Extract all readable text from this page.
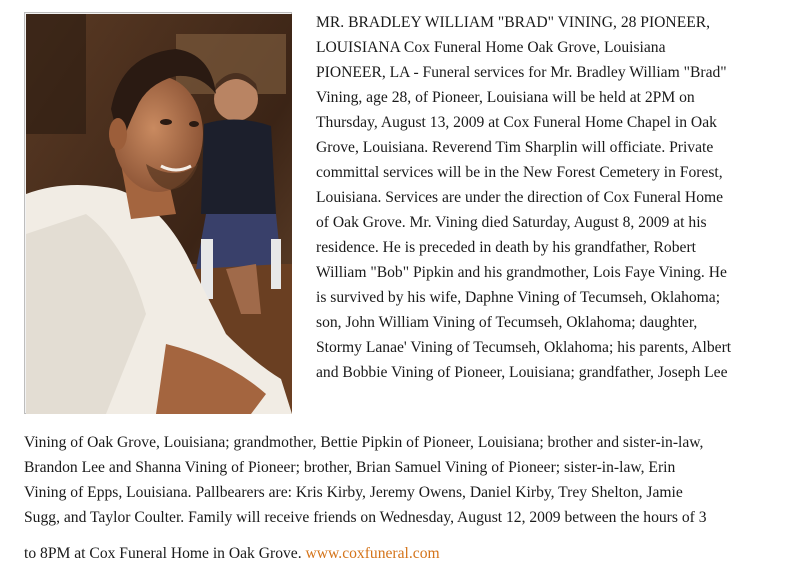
MR. BRADLEY WILLIAM "BRAD" VINING, 28 PIONEER,
LOUISIANA Cox Funeral Home Oak Grove, Louisiana
PIONEER, LA - Funeral services for Mr. Bradley William "Brad"
Vining, age 28, of Pioneer, Louisiana will be held at 2PM on
Thursday, August 13, 2009 at Cox Funeral Home Chapel in Oak
Grove, Louisiana. Reverend Tim Sharplin will officiate. Private
committal services will be in the New Forest Cemetery in Forest,
Louisiana. Services are under the direction of Cox Funeral Home
of Oak Grove. Mr. Vining died Saturday, August 8, 2009 at his
residence. He is preceded in death by his grandfather, Robert
William "Bob" Pipkin and his grandmother, Lois Faye Vining. He
is survived by his wife, Daphne Vining of Tecumseh, Oklahoma;
son, John William Vining of Tecumseh, Oklahoma; daughter,
Stormy Lanae' Vining of Tecumseh, Oklahoma; his parents, Albert
and Bobbie Vining of Pioneer, Louisiana; grandfather, Joseph Lee
Vining of Oak Grove, Louisiana; grandmother, Bettie Pipkin of Pioneer, Louisiana; brother and sister-in-law,
Brandon Lee and Shanna Vining of Pioneer; brother, Brian Samuel Vining of Pioneer; sister-in-law, Erin
Vining of Epps, Louisiana. Pallbearers are: Kris Kirby, Jeremy Owens, Daniel Kirby, Trey Shelton, Jamie
Sugg, and Taylor Coulter. Family will receive friends on Wednesday, August 12, 2009 between the hours of 3
to 8PM at Cox Funeral Home in Oak Grove. www.coxfuneral.com
